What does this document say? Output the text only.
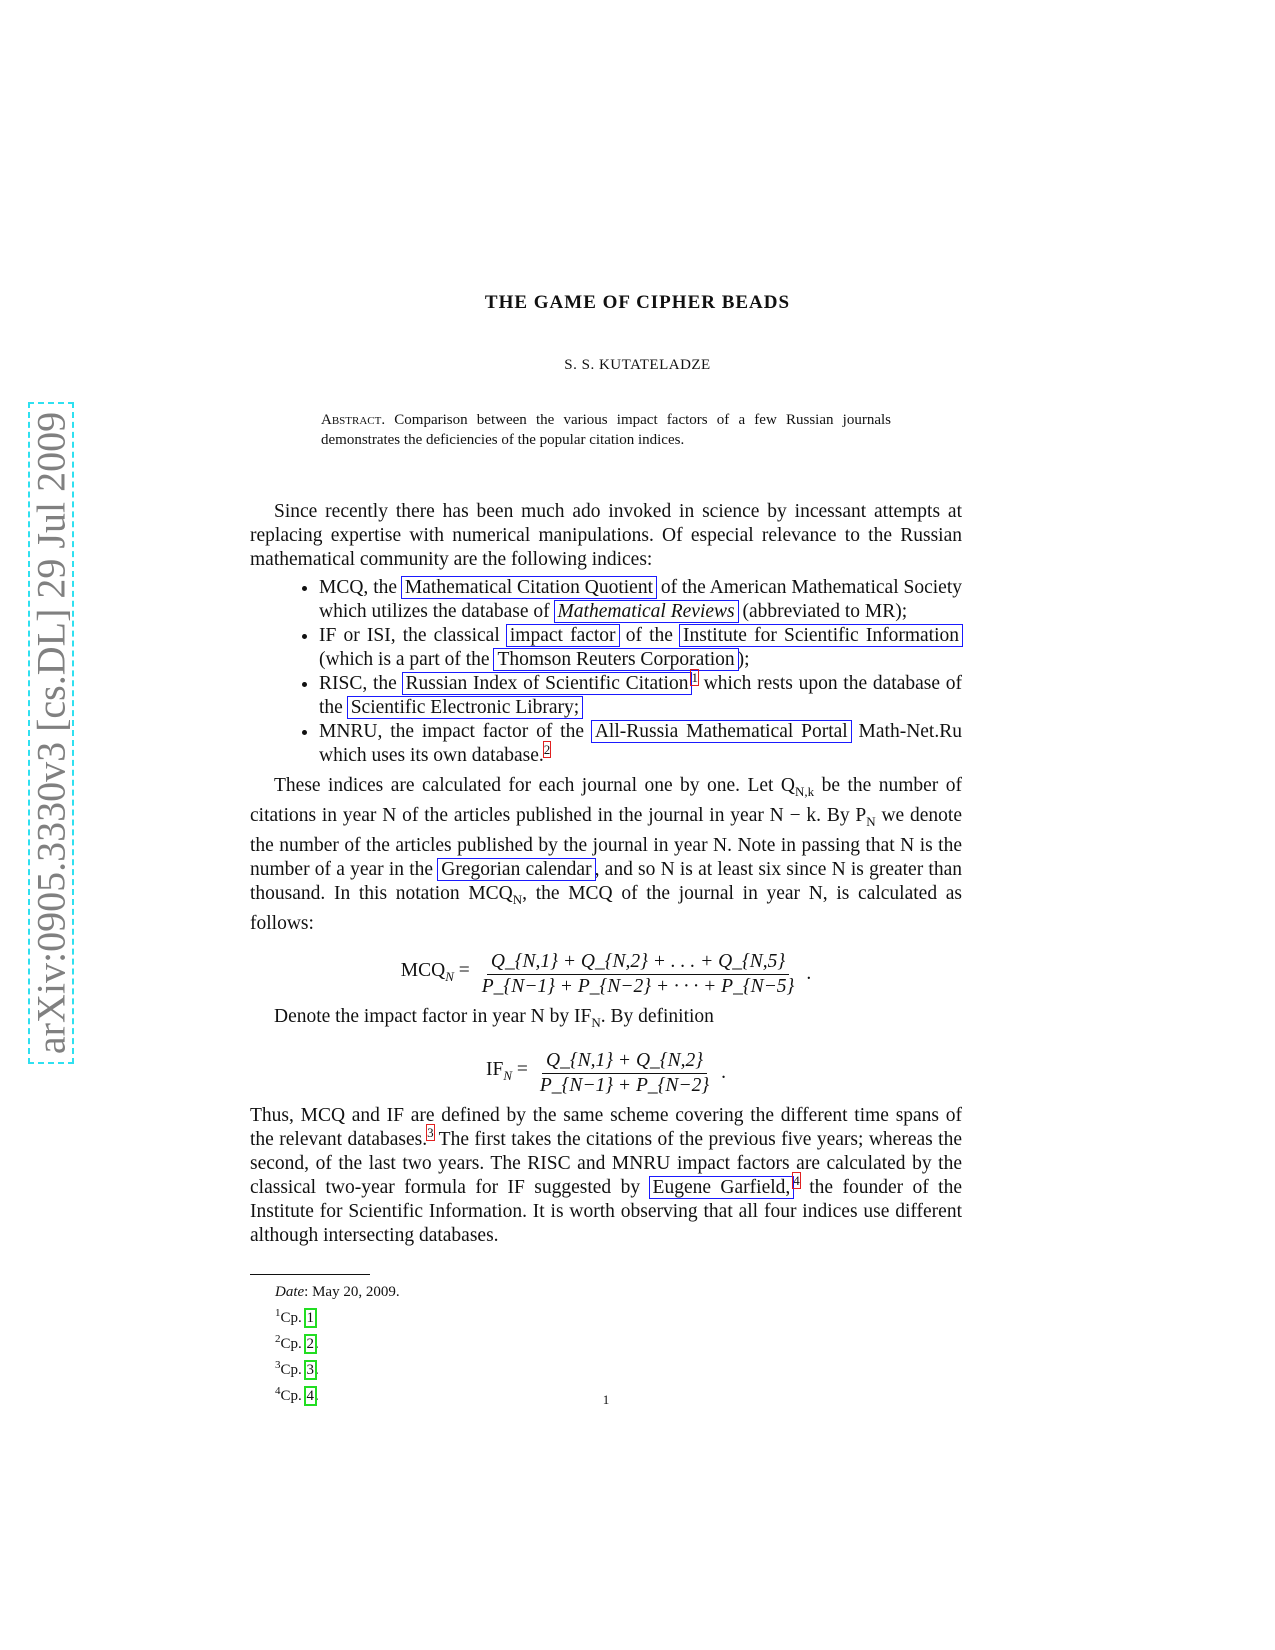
arXiv:0905.3330v3 [cs.DL] 29 Jul 2009
THE GAME OF CIPHER BEADS
S. S. KUTATELADZE
Abstract. Comparison between the various impact factors of a few Russian journals demonstrates the deficiencies of the popular citation indices.

Since recently there has been much ado invoked in science by incessant attempts at replacing expertise with numerical manipulations. Of especial relevance to the Russian mathematical community are the following indices:

• MCQ, the Mathematical Citation Quotient of the American Mathematical Society which utilizes the database of Mathematical Reviews (abbreviated to MR);
• IF or ISI, the classical impact factor of the Institute for Scientific Information (which is a part of the Thomson Reuters Corporation );
• RISC, the Russian Index of Scientific Citation $^1$ which rests upon the database of the Scientific Electronic Library;
• MNRU, the impact factor of the All-Russia Mathematical Portal Math-Net.Ru which uses its own database.$^2$

These indices are calculated for each journal one by one. Let $Q_{N,k}$ be the number of citations in year N of the articles published in the journal in year N − k. By $P_N$ we denote the number of the articles published by the journal in year N. Note in passing that N is the number of a year in the Gregorian calendar , and so N is at least six since N is greater than thousand. In this notation $MCQ_N$, the MCQ of the journal in year N, is calculated as follows:

$MCQ_N = \frac{Q\_\{N,1\} + Q\_\{N,2\} + . . . + Q\_\{N,5\}}{P\_\{N-1\} + P\_\{N-2\} + \cdot \cdot \cdot + P\_\{N-5\}}$ .

Denote the impact factor in year N by $IF_N$. By definition

$IF_N = \frac{Q\_\{N,1\} + Q\_\{N,2\}}{P\_\{N-1\} + P\_\{N-2\}}$ .

Thus, MCQ and IF are defined by the same scheme covering the different time spans of the relevant databases.$^3$ The first takes the citations of the previous five years; whereas the second, of the last two years. The RISC and MNRU impact factors are calculated by the classical two-year formula for IF suggested by Eugene Garfield, $^4$ the founder of the Institute for Scientific Information. It is worth observing that all four indices use different although intersecting databases.

Date: May 20, 2009.
$^1$Cp. 1
$^2$Cp. 2.
$^3$Cp. 3.
$^4$Cp. 4.	1
